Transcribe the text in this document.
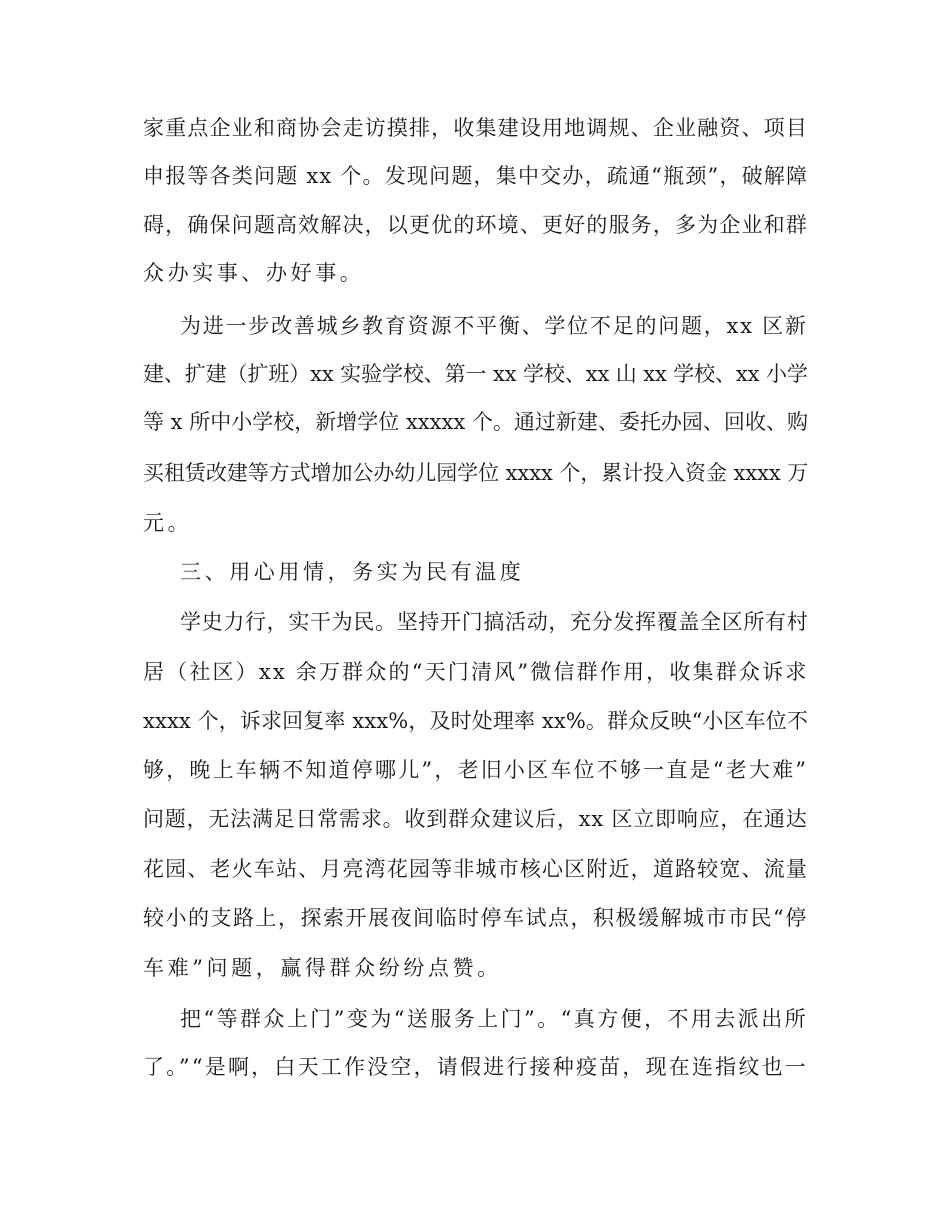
家重点企业和商协会走访摸排，收集建设用地调规、企业融资、项目
申报等各类问题 xx 个。发现问题，集中交办，疏通“瓶颈”，破解障
碍，确保问题高效解决，以更优的环境、更好的服务，多为企业和群
众办实事、办好事。
为进一步改善城乡教育资源不平衡、学位不足的问题，xx 区新
建、扩建（扩班）xx 实验学校、第一 xx 学校、xx 山 xx 学校、xx 小学
等 x 所中小学校，新增学位 xxxxx 个。通过新建、委托办园、回收、购
买租赁改建等方式增加公办幼儿园学位 xxxx 个，累计投入资金 xxxx 万
元。
三、用心用情，务实为民有温度
学史力行，实干为民。坚持开门搞活动，充分发挥覆盖全区所有村
居（社区）xx 余万群众的“天门清风”微信群作用，收集群众诉求
xxxx 个，诉求回复率 xxx%，及时处理率 xx%。群众反映“小区车位不
够，晚上车辆不知道停哪儿”，老旧小区车位不够一直是“老大难”
问题，无法满足日常需求。收到群众建议后，xx 区立即响应，在通达
花园、老火车站、月亮湾花园等非城市核心区附近，道路较宽、流量
较小的支路上，探索开展夜间临时停车试点，积极缓解城市市民“停
车难”问题，赢得群众纷纷点赞。
把“等群众上门”变为“送服务上门”。“真方便，不用去派出所
了。”“是啊，白天工作没空，请假进行接种疫苗，现在连指纹也一
